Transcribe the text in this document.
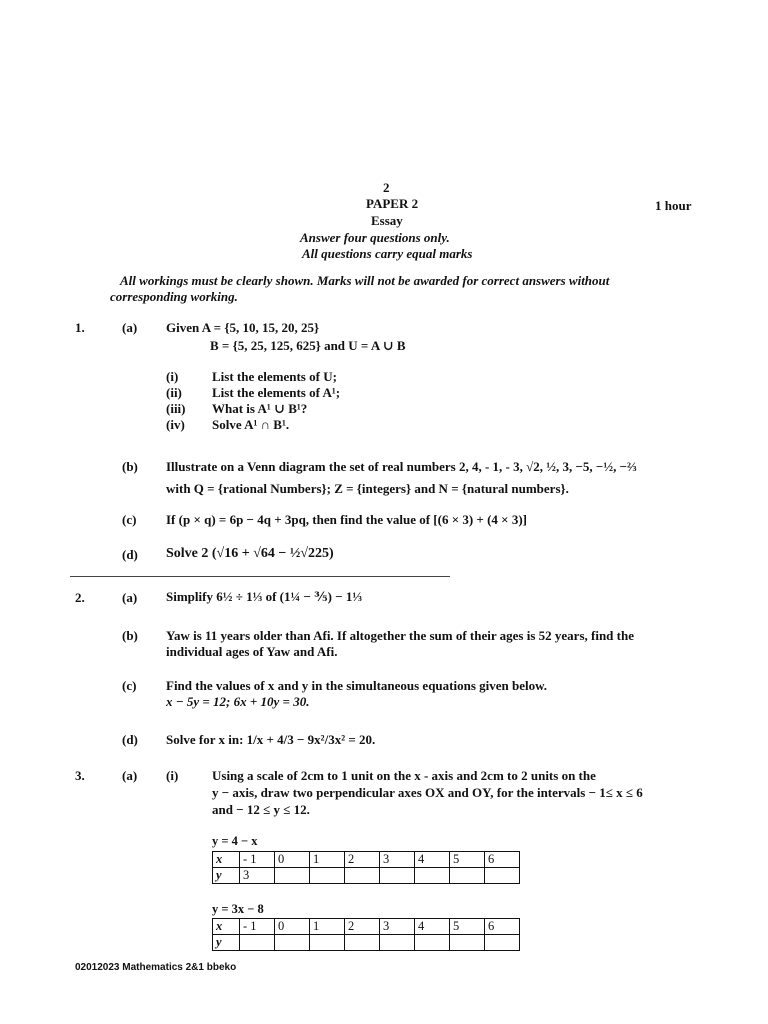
2
PAPER 2
Essay
1 hour
Answer four questions only.
All questions carry equal marks
All workings must be clearly shown. Marks will not be awarded for correct answers without
corresponding working.
1.	(a) Given A = {5, 10, 15, 20, 25}
B = {5, 25, 125, 625} and U = A ∪ B
(i)	List the elements of U;
(ii) List the elements of A¹;
(iii) What is A¹ ∪ B¹?
(iv) Solve A¹ ∩ B¹.
(b) Illustrate on a Venn diagram the set of real numbers 2, 4, - 1, - 3, √2, ½, 3, −5, −½, −⅔
with Q = {rational Numbers}; Z = {integers} and N = {natural numbers}.
(c) If (p × q) = 6p − 4q + 3pq, then find the value of [(6 × 3) + (4 × 3)]
(d) Solve 2 (√16 + √64 − ½√225)
2.	(a) Simplify 6½ ÷ 1⅓ of (1¼ − ⅗) − 1⅓
(b) Yaw is 11 years older than Afi. If altogether the sum of their ages is 52 years, find the
individual ages of Yaw and Afi.
(c) Find the values of x and y in the simultaneous equations given below.
x − 5y = 12; 6x + 10y = 30.
(d) Solve for x in: 1/x + 4/3 − 9x²/3x² = 20.
3.	(a) (i)	Using a scale of 2cm to 1 unit on the x - axis and 2cm to 2 units on the
y − axis, draw two perpendicular axes OX and OY, for the intervals − 1≤ x ≤ 6
and − 12 ≤ y ≤ 12.
y = 4 − x
x	- 1	0	1	2	3	4	5	6
y	3							
y = 3x − 8
x	- 1	0	1	2	3	4	5	6
y								
02012023 Mathematics 2&1 bbeko
